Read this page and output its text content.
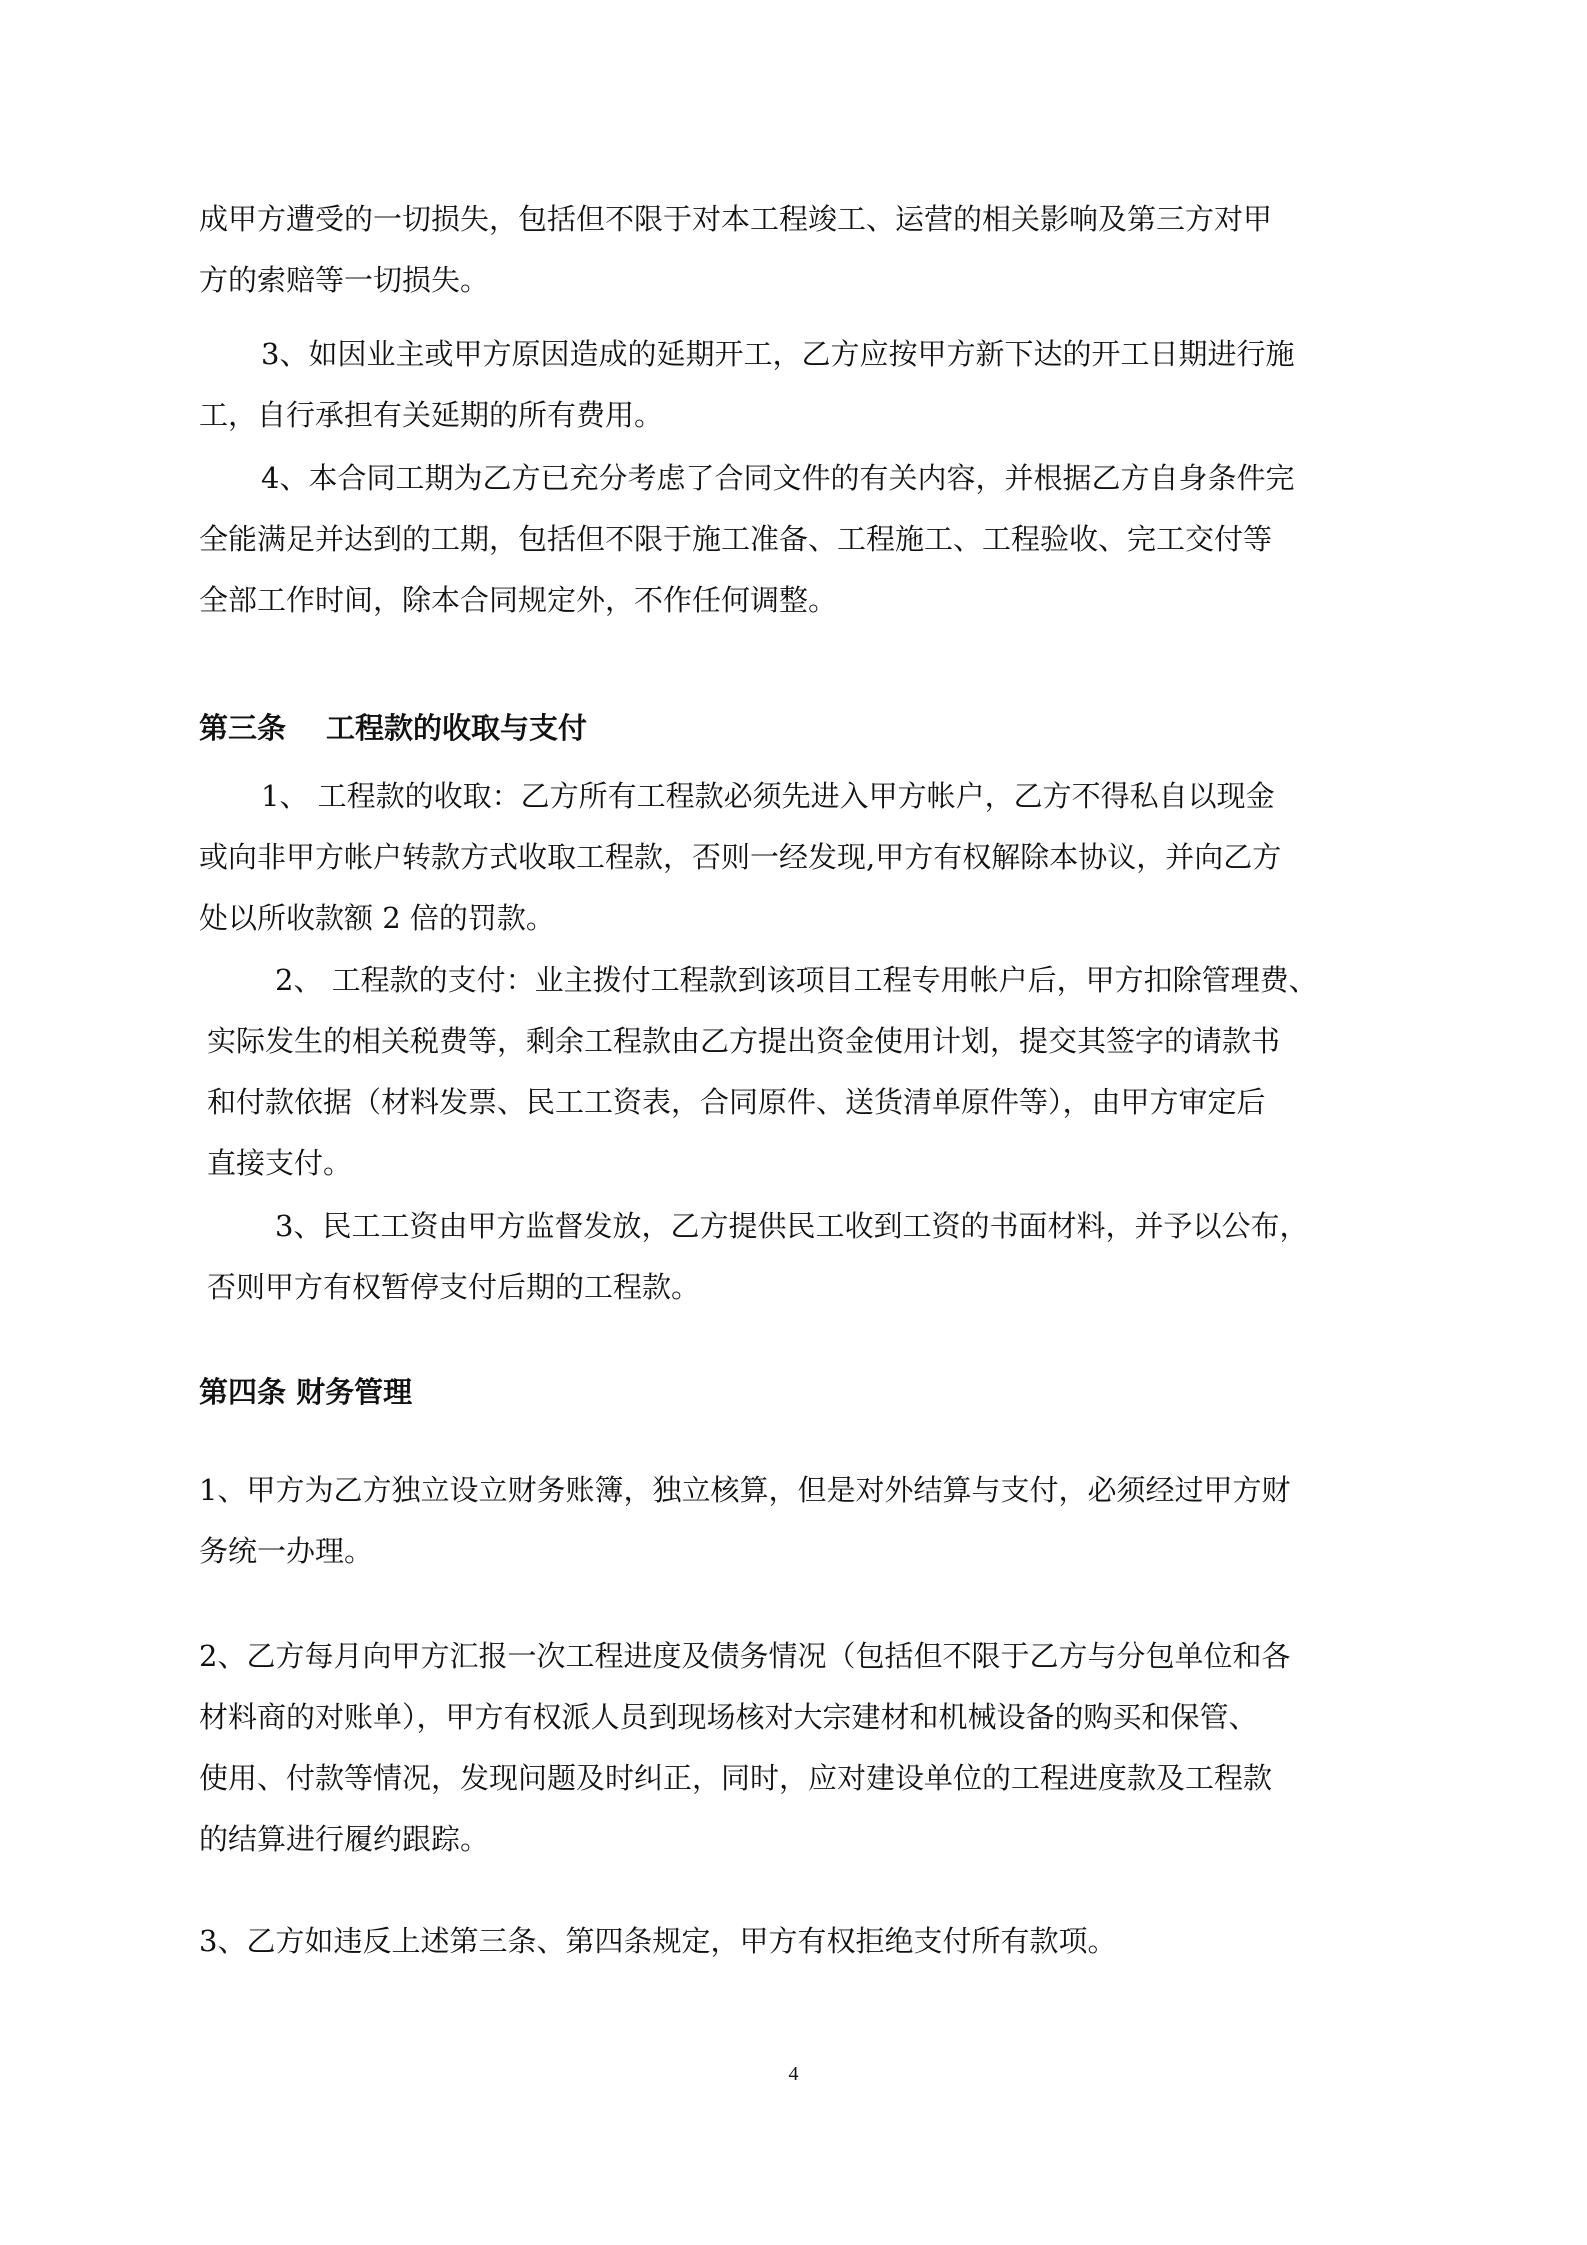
成甲方遭受的一切损失，包括但不限于对本工程竣工、运营的相关影响及第三方对甲
方的索赔等一切损失。
3、如因业主或甲方原因造成的延期开工，乙方应按甲方新下达的开工日期进行施
工，自行承担有关延期的所有费用。
4、本合同工期为乙方已充分考虑了合同文件的有关内容，并根据乙方自身条件完
全能满足并达到的工期，包括但不限于施工准备、工程施工、工程验收、完工交付等
全部工作时间，除本合同规定外，不作任何调整。
第三条 工程款的收取与支付
1、 工程款的收取：乙方所有工程款必须先进入甲方帐户，乙方不得私自以现金
或向非甲方帐户转款方式收取工程款，否则一经发现,甲方有权解除本协议，并向乙方
处以所收款额 2 倍的罚款。
2、 工程款的支付：业主拨付工程款到该项目工程专用帐户后，甲方扣除管理费、
实际发生的相关税费等，剩余工程款由乙方提出资金使用计划，提交其签字的请款书
和付款依据（材料发票、民工工资表，合同原件、送货清单原件等），由甲方审定后
直接支付。
3、民工工资由甲方监督发放，乙方提供民工收到工资的书面材料，并予以公布，
否则甲方有权暂停支付后期的工程款。
第四条 财务管理
1、甲方为乙方独立设立财务账簿，独立核算，但是对外结算与支付，必须经过甲方财
务统一办理。
2、乙方每月向甲方汇报一次工程进度及债务情况（包括但不限于乙方与分包单位和各
材料商的对账单），甲方有权派人员到现场核对大宗建材和机械设备的购买和保管、
使用、付款等情况，发现问题及时纠正，同时，应对建设单位的工程进度款及工程款
的结算进行履约跟踪。
3、乙方如违反上述第三条、第四条规定，甲方有权拒绝支付所有款项。
4
